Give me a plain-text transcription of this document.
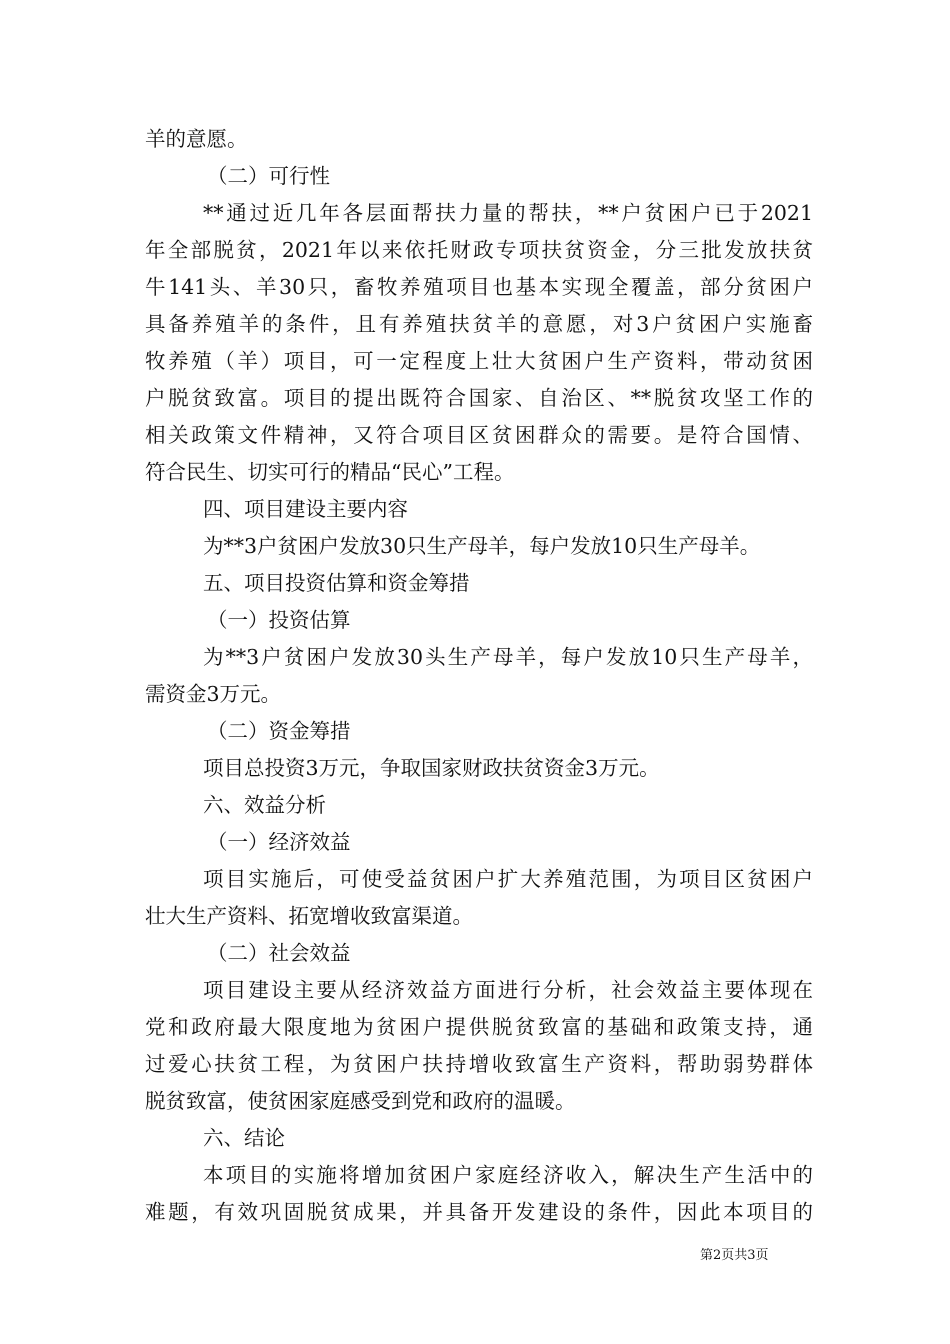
羊的意愿。
（二）可行性
**通过近几年各层面帮扶力量的帮扶，**户贫困户已于2021
年全部脱贫，2021年以来依托财政专项扶贫资金，分三批发放扶贫
牛141头、羊30只，畜牧养殖项目也基本实现全覆盖，部分贫困户
具备养殖羊的条件，且有养殖扶贫羊的意愿，对3户贫困户实施畜
牧养殖（羊）项目，可一定程度上壮大贫困户生产资料，带动贫困
户脱贫致富。项目的提出既符合国家、自治区、**脱贫攻坚工作的
相关政策文件精神，又符合项目区贫困群众的需要。是符合国情、
符合民生、切实可行的精品“民心”工程。
四、项目建设主要内容
为**3户贫困户发放30只生产母羊，每户发放10只生产母羊。
五、项目投资估算和资金筹措
（一）投资估算
为**3户贫困户发放30头生产母羊，每户发放10只生产母羊，
需资金3万元。
（二）资金筹措
项目总投资3万元，争取国家财政扶贫资金3万元。
六、效益分析
（一）经济效益
项目实施后，可使受益贫困户扩大养殖范围，为项目区贫困户
壮大生产资料、拓宽增收致富渠道。
（二）社会效益
项目建设主要从经济效益方面进行分析，社会效益主要体现在
党和政府最大限度地为贫困户提供脱贫致富的基础和政策支持，通
过爱心扶贫工程，为贫困户扶持增收致富生产资料，帮助弱势群体
脱贫致富，使贫困家庭感受到党和政府的温暖。
六、结论
本项目的实施将增加贫困户家庭经济收入，解决生产生活中的
难题，有效巩固脱贫成果，并具备开发建设的条件，因此本项目的
第2页共3页
